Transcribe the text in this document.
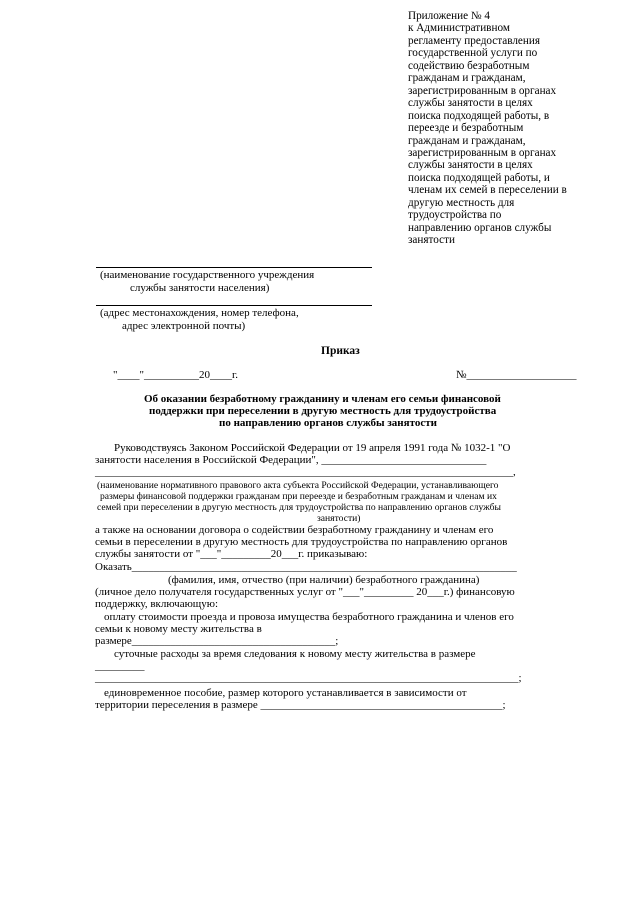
Приложение № 4
к Административном
регламенту предоставления
государственной услуги по
содействию безработным
гражданам и гражданам,
зарегистрированным в органах
службы занятости в целях
поиска подходящей работы, в
переезде и безработным
гражданам и гражданам,
зарегистрированным в органах
службы занятости в целях
поиска подходящей работы, и
членам их семей в переселении в
другую местность для
трудоустройства по
направлению органов службы
занятости
(наименование государственного учреждения
службы занятости населения)
(адрес местонахождения, номер телефона,
адрес электронной почты)
Приказ
"____"__________20____г.	№____________________
Об оказании безработному гражданину и членам его семьи финансовой
поддержки при переселении в другую местность для трудоустройства
по направлению органов службы занятости
Руководствуясь Законом Российской Федерации от 19 апреля 1991 года № 1032-1 "О
занятости населения в Российской Федерации", ______________________________
____________________________________________________________________________,
(наименование нормативного правового акта субъекта Российской Федерации, устанавливающего
размеры финансовой поддержки гражданам при переезде и безработным гражданам и членам их
семей при переселении в другую местность для трудоустройства по направлению органов службы
занятости)
а также на основании договора о содействии безработному гражданину и членам его
семьи в переселении в другую местность для трудоустройства по направлению органов
службы занятости от "___"_________20___г. приказываю:
Оказать______________________________________________________________________
(фамилия, имя, отчество (при наличии) безработного гражданина)
(личное дело получателя государственных услуг от "___"_________ 20___г.) финансовую
поддержку, включающую:
оплату стоимости проезда и провоза имущества безработного гражданина и членов его
семьи к новому месту жительства в
размере_____________________________________;
суточные расходы за время следования к новому месту жительства в размере
_________
_____________________________________________________________________________;
единовременное пособие, размер которого устанавливается в зависимости от
территории переселения в размере ____________________________________________;
